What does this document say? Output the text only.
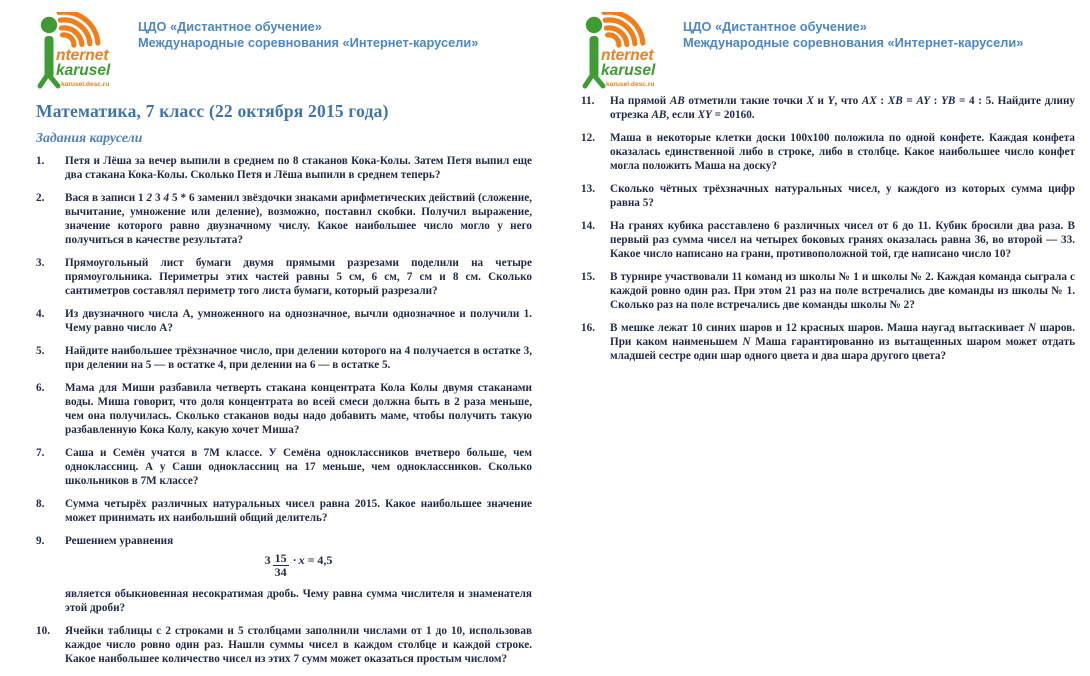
nternet
karusel
karusel.desc.ru
ЦДО «Дистантное обучение»
Международные соревнования «Интернет-карусели»
Математика, 7 класс (22 октября 2015 года)
Задания карусели
1.	Петя и Лёша за вечер выпили в среднем по 8 стаканов Кока-Колы. Затем Петя выпил еще два стакана Кока-Колы. Сколько Петя и Лёша выпили в среднем теперь?
2.	Вася в записи 1 2 3 4 5 * 6 заменил звёздочки знаками арифметических действий (сложение, вычитание, умножение или деление), возможно, поставил скобки. Получил выражение, значение которого равно двузначному числу. Какое наибольшее число могло у него получиться в качестве результата?
3.	Прямоугольный лист бумаги двумя прямыми разрезами поделили на четыре прямоугольника. Периметры этих частей равны 5 см, 6 см, 7 см и 8 см. Сколько сантиметров составлял периметр того листа бумаги, который разрезали?
4.	Из двузначного числа А, умноженного на однозначное, вычли однозначное и получили 1. Чему равно число А?
5.	Найдите наибольшее трёхзначное число, при делении которого на 4 получается в остатке 3, при делении на 5 — в остатке 4, при делении на 6 — в остатке 5.
6.	Мама для Миши разбавила четверть стакана концентрата Кола Колы двумя стаканами воды. Миша говорит, что доля концентрата во всей смеси должна быть в 2 раза меньше, чем она получилась. Сколько стаканов воды надо добавить маме, чтобы получить такую разбавленную Кока Колу, какую хочет Миша?
7.	Саша и Семён учатся в 7М классе. У Семёна одноклассников вчетверо больше, чем одноклассниц. А у Саши одноклассниц на 17 меньше, чем одноклассников. Сколько школьников в 7М классе?
8.	Сумма четырёх различных натуральных чисел равна 2015. Какое наибольшее значение может принимать их наибольший общий делитель?
9.	Решением уравнения
$3 \frac{15}{34} \cdot x = 4,5$
является обыкновенная несократимая дробь. Чему равна сумма числителя и знаменателя этой дроби?
10.	Ячейки таблицы с 2 строками и 5 столбцами заполнили числами от 1 до 10, использовав каждое число ровно один раз. Нашли суммы чисел в каждом столбце и каждой строке. Какое наибольшее количество чисел из этих 7 сумм может оказаться простым числом?
nternet
karusel
karusel.desc.ru
ЦДО «Дистантное обучение»
Международные соревнования «Интернет-карусели»
11.	На прямой AB отметили такие точки X и Y, что AX : XB = AY : YB = 4 : 5. Найдите длину отрезка AB, если XY = 20160.
12.	Маша в некоторые клетки доски 100х100 положила по одной конфете. Каждая конфета оказалась единственной либо в строке, либо в столбце. Какое наибольшее число конфет могла положить Маша на доску?
13.	Сколько чётных трёхзначных натуральных чисел, у каждого из которых сумма цифр равна 5?
14.	На гранях кубика расставлено 6 различных чисел от 6 до 11. Кубик бросили два раза. В первый раз сумма чисел на четырех боковых гранях оказалась равна 36, во второй — 33. Какое число написано на грани, противоположной той, где написано число 10?
15.	В турнире участвовали 11 команд из школы № 1 и школы № 2. Каждая команда сыграла с каждой ровно один раз. При этом 21 раз на поле встречались две команды из школы № 1. Сколько раз на поле встречались две команды школы № 2?
16.	В мешке лежат 10 синих шаров и 12 красных шаров. Маша наугад вытаскивает N шаров. При каком наименьшем N Маша гарантированно из вытащенных шаром может отдать младшей сестре один шар одного цвета и два шара другого цвета?
